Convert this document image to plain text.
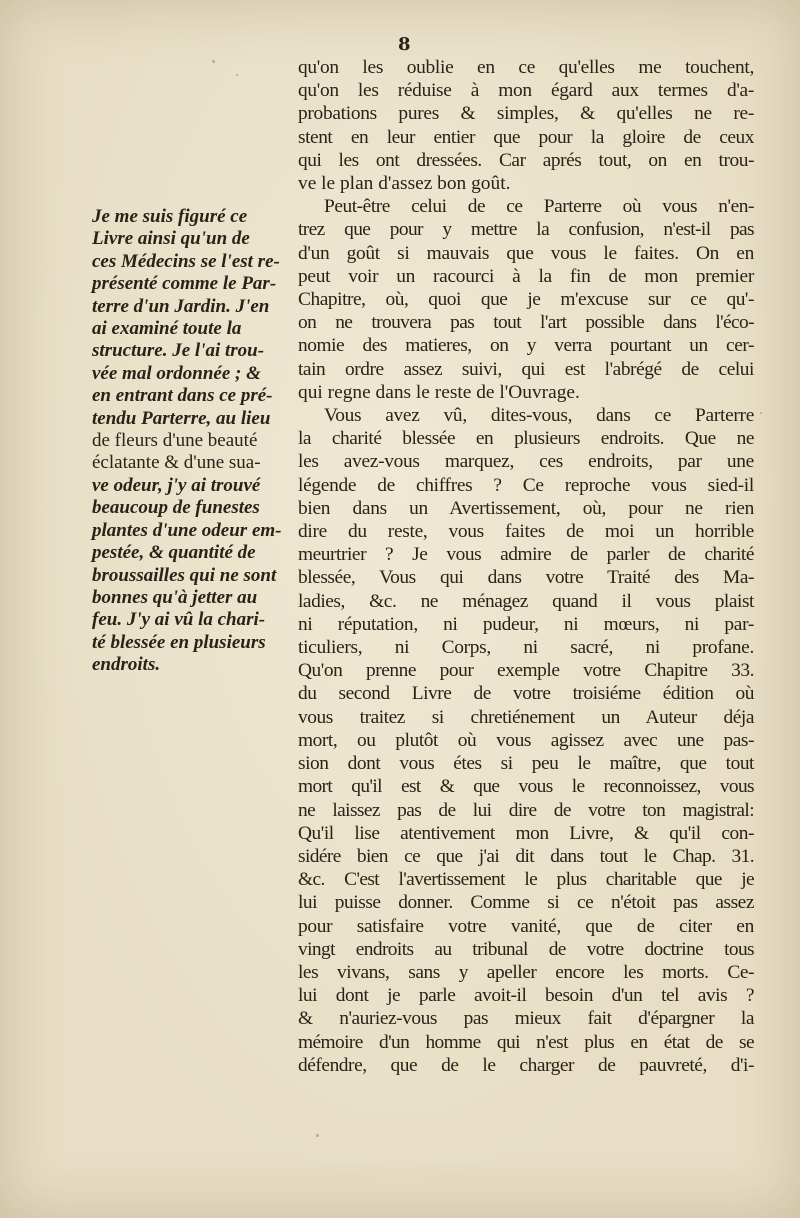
8
Je me suis figuré ce
Livre ainsi qu'un de
ces Médecins se l'est re-
présenté comme le Par-
terre d'un Jardin. J'en
ai examiné toute la
structure. Je l'ai trou-
vée mal ordonnée ; &
en entrant dans ce pré-
tendu Parterre, au lieu
de fleurs d'une beauté
éclatante & d'une sua-
ve odeur, j'y ai trouvé
beaucoup de funestes
plantes d'une odeur em-
pestée, & quantité de
broussailles qui ne sont
bonnes qu'à jetter au
feu. J'y ai vû la chari-
té blessée en plusieurs
endroits.
qu'on les oublie en ce qu'elles me touchent,
qu'on les réduise à mon égard aux termes d'a-
probations pures & simples, & qu'elles ne re-
stent en leur entier que pour la gloire de ceux
qui les ont dressées. Car aprés tout, on en trou-
ve le plan d'assez bon goût.
Peut-être celui de ce Parterre où vous n'en-
trez que pour y mettre la confusion, n'est-il pas
d'un goût si mauvais que vous le faites. On en
peut voir un racourci à la fin de mon premier
Chapitre, où, quoi que je m'excuse sur ce qu'-
on ne trouvera pas tout l'art possible dans l'éco-
nomie des matieres, on y verra pourtant un cer-
tain ordre assez suivi, qui est l'abrégé de celui
qui regne dans le reste de l'Ouvrage.
Vous avez vû, dites-vous, dans ce Parterre
la charité blessée en plusieurs endroits. Que ne
les avez-vous marquez, ces endroits, par une
légende de chiffres ? Ce reproche vous sied-il
bien dans un Avertissement, où, pour ne rien
dire du reste, vous faites de moi un horrible
meurtrier ? Je vous admire de parler de charité
blessée, Vous qui dans votre Traité des Ma-
ladies, &c. ne ménagez quand il vous plaist
ni réputation, ni pudeur, ni mœurs, ni par-
ticuliers, ni Corps, ni sacré, ni profane.
Qu'on prenne pour exemple votre Chapitre 33.
du second Livre de votre troisiéme édition où
vous traitez si chretiénement un Auteur déja
mort, ou plutôt où vous agissez avec une pas-
sion dont vous étes si peu le maître, que tout
mort qu'il est & que vous le reconnoissez, vous
ne laissez pas de lui dire de votre ton magistral:
Qu'il lise atentivement mon Livre, & qu'il con-
sidére bien ce que j'ai dit dans tout le Chap. 31.
&c. C'est l'avertissement le plus charitable que je
lui puisse donner. Comme si ce n'étoit pas assez
pour satisfaire votre vanité, que de citer en
vingt endroits au tribunal de votre doctrine tous
les vivans, sans y apeller encore les morts. Ce-
lui dont je parle avoit-il besoin d'un tel avis ?
& n'auriez-vous pas mieux fait d'épargner la
mémoire d'un homme qui n'est plus en état de se
défendre, que de le charger de pauvreté, d'i-
